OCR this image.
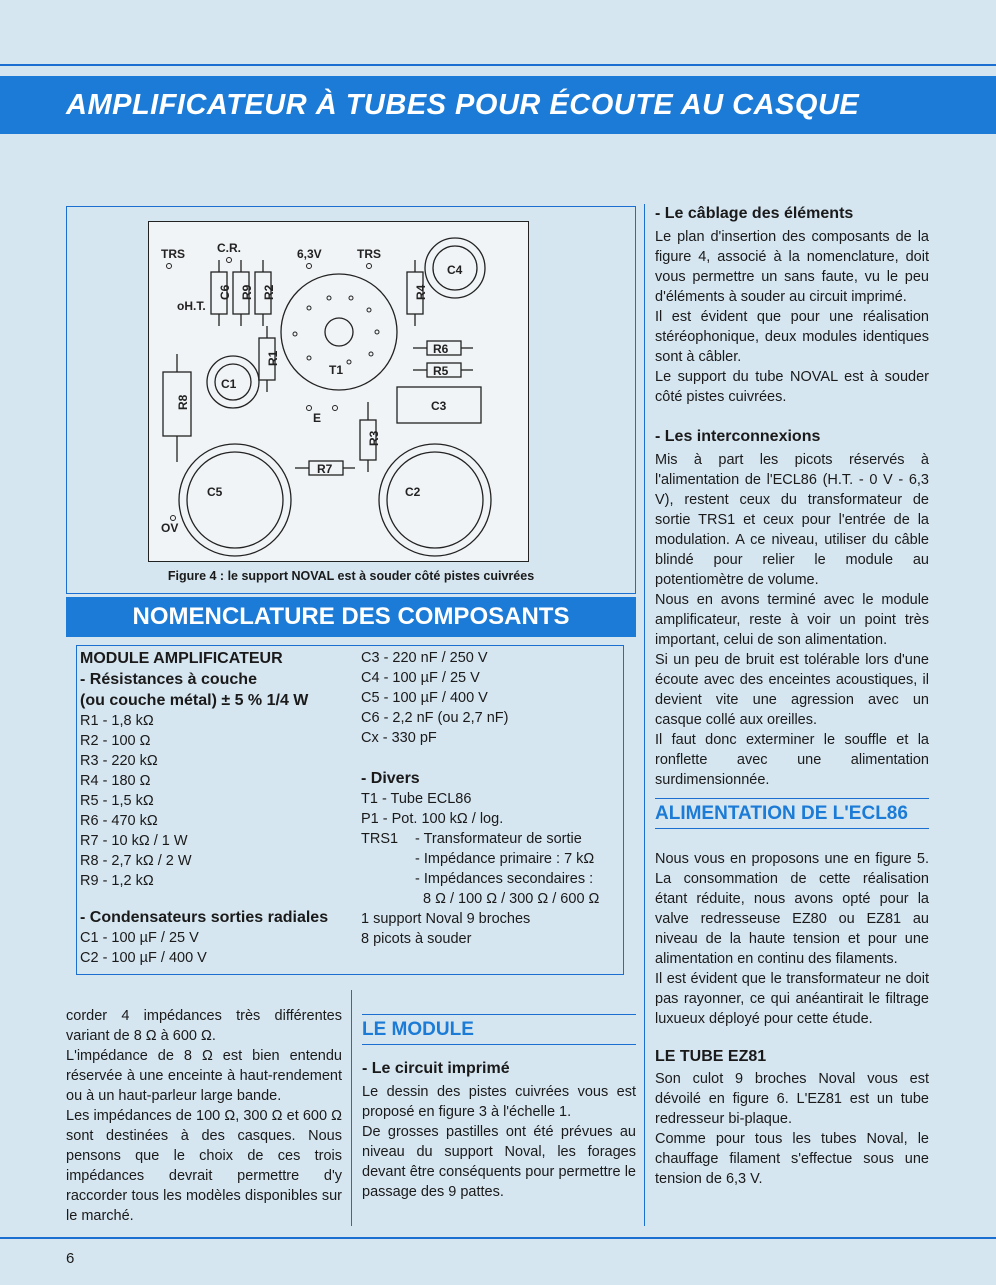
AMPLIFICATEUR À TUBES POUR ÉCOUTE AU CASQUE
TRS	C.R.	6,3V	TRS
oH.T.
C6 R9 R2	R4
R1
R8
R3
C4
C1
R6
R5
T1
C3
E
R7
C5	C2
OV
Figure 4 : le support NOVAL est à souder côté pistes cuivrées
NOMENCLATURE DES COMPOSANTS
MODULE AMPLIFICATEUR
- Résistances à couche
(ou couche métal) ± 5 % 1/4 W
R1 - 1,8 kΩ
R2 - 100 Ω
R3 - 220 kΩ
R4 - 180 Ω
R5 - 1,5 kΩ
R6 - 470 kΩ
R7 - 10 kΩ / 1 W
R8 - 2,7 kΩ / 2 W
R9 - 1,2 kΩ
- Condensateurs sorties radiales
C1 - 100 µF / 25 V
C2 - 100 µF / 400 V
C3 - 220 nF / 250 V
C4 - 100 µF / 25 V
C5 - 100 µF / 400 V
C6 - 2,2 nF (ou 2,7 nF)
Cx - 330 pF
- Divers
T1 - Tube ECL86
P1 - Pot. 100 kΩ / log.
TRS1 - Transformateur de sortie
- Impédance primaire : 7 kΩ
- Impédances secondaires :
8 Ω / 100 Ω / 300 Ω / 600 Ω
1 support Noval 9 broches
8 picots à souder

corder 4 impédances très différentes variant de 8 Ω à 600 Ω.

L'impédance de 8 Ω est bien entendu réservée à une enceinte à haut-rendement ou à un haut-parleur large bande.

Les impédances de 100 Ω, 300 Ω et 600 Ω sont destinées à des casques. Nous pensons que le choix de ces trois impédances devrait permettre d'y raccorder tous les modèles disponibles sur le marché.

LE MODULE
- Le circuit imprimé

Le dessin des pistes cuivrées vous est proposé en figure 3 à l'échelle 1.

De grosses pastilles ont été prévues au niveau du support Noval, les forages devant être conséquents pour permettre le passage des 9 pattes.

- Le câblage des éléments

Le plan d'insertion des composants de la figure 4, associé à la nomenclature, doit vous permettre un sans faute, vu le peu d'éléments à souder au circuit imprimé.

Il est évident que pour une réalisation stéréophonique, deux modules identiques sont à câbler.

Le support du tube NOVAL est à souder côté pistes cuivrées.

- Les interconnexions

Mis à part les picots réservés à l'alimentation de l'ECL86 (H.T. - 0 V - 6,3 V), restent ceux du transformateur de sortie TRS1 et ceux pour l'entrée de la modulation. A ce niveau, utiliser du câble blindé pour relier le module au potentiomètre de volume.

Nous en avons terminé avec le module amplificateur, reste à voir un point très important, celui de son alimentation.

Si un peu de bruit est tolérable lors d'une écoute avec des enceintes acoustiques, il devient vite une agression avec un casque collé aux oreilles.

Il faut donc exterminer le souffle et la ronflette avec une alimentation surdimensionnée.

ALIMENTATION DE L'ECL86

Nous vous en proposons une en figure 5. La consommation de cette réalisation étant réduite, nous avons opté pour la valve redresseuse EZ80 ou EZ81 au niveau de la haute tension et pour une alimentation en continu des filaments.

Il est évident que le transformateur ne doit pas rayonner, ce qui anéantirait le filtrage luxueux déployé pour cette étude.

LE TUBE EZ81

Son culot 9 broches Noval vous est dévoilé en figure 6. L'EZ81 est un tube redresseur bi-plaque.

Comme pour tous les tubes Noval, le chauffage filament s'effectue sous une tension de 6,3 V.

6
